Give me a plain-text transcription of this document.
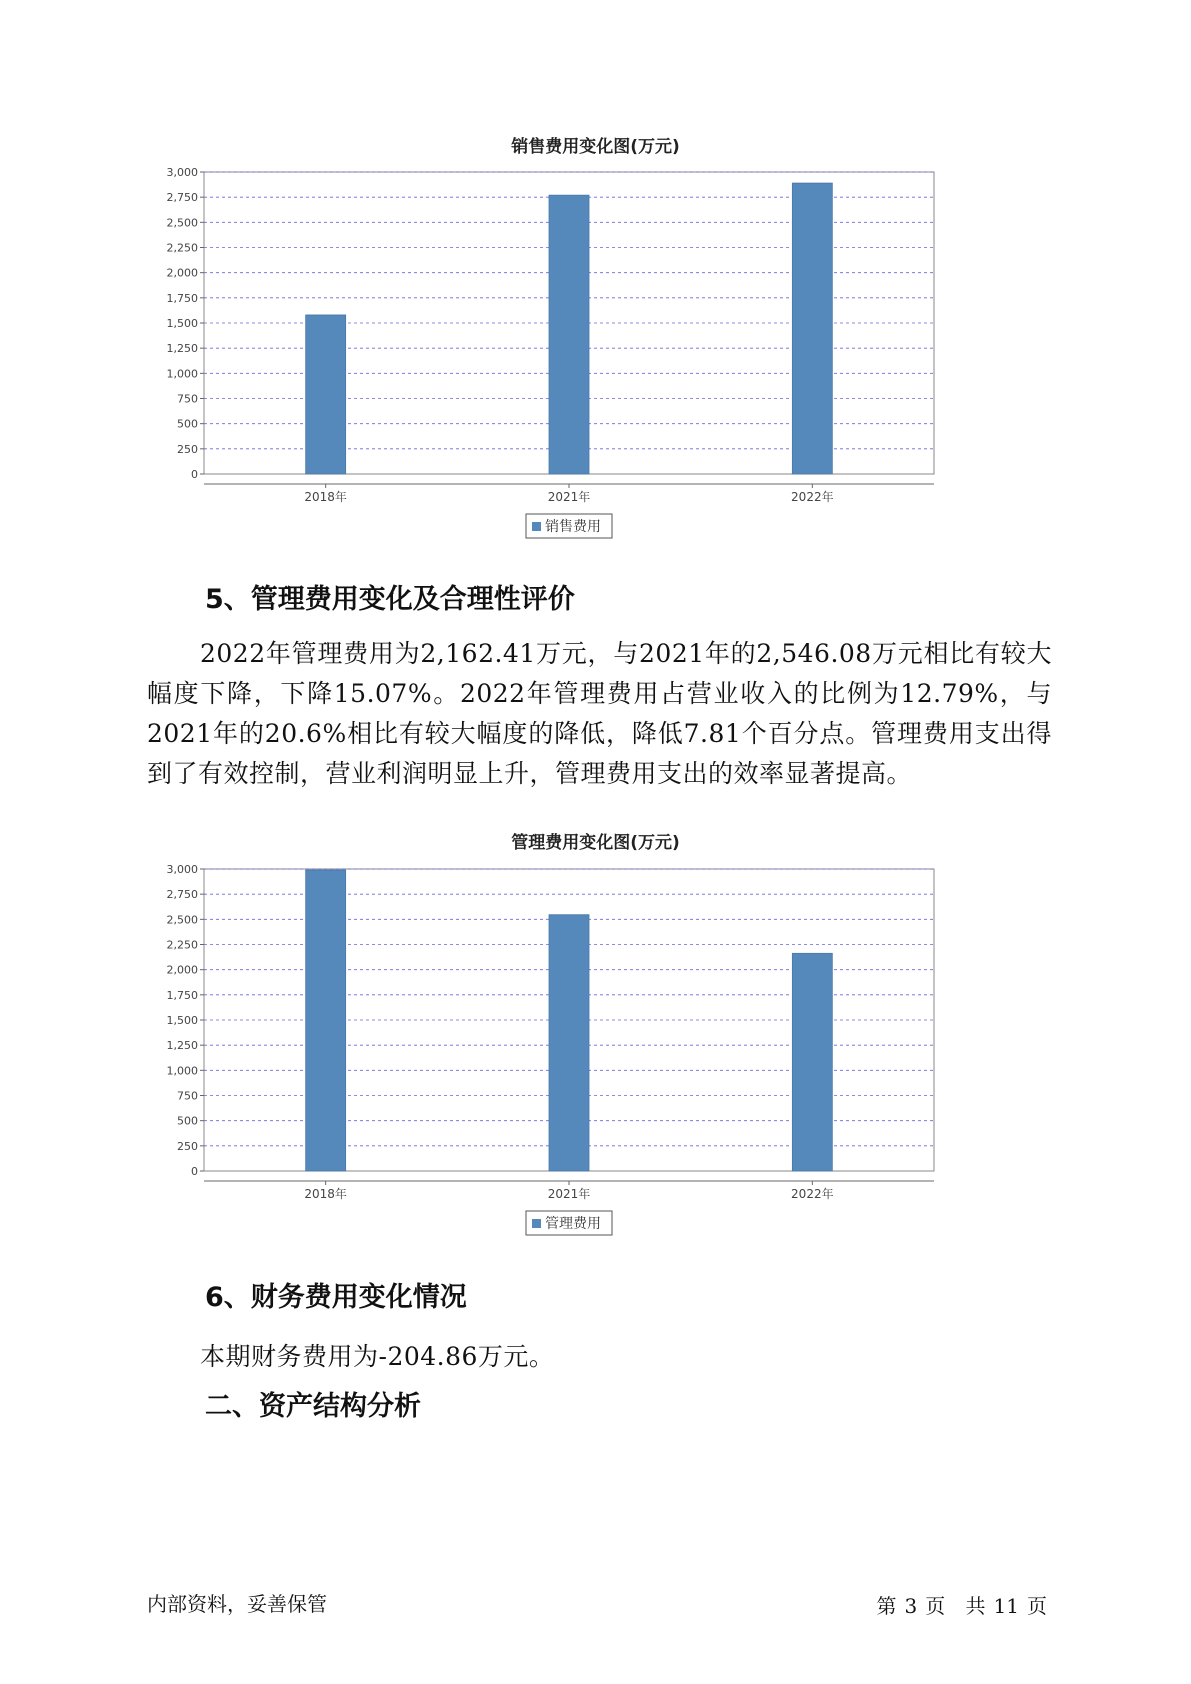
销售费用变化图(万元)
0
250
500
750
1,000
1,250
1,500
1,750
2,000
2,250
2,500
2,750
3,000
2018年	2021年	2022年
销售费用
5、管理费用变化及合理性评价
2022年管理费用为2,162.41万元，与2021年的2,546.08万元相比有较大幅度下降，下降15.07%。2022年管理费用占营业收入的比例为12.79%，与2021年的20.6%相比有较大幅度的降低，降低7.81个百分点。管理费用支出得到了有效控制，营业利润明显上升，管理费用支出的效率显著提高。
管理费用变化图(万元)
0
250
500
750
1,000
1,250
1,500
1,750
2,000
2,250
2,500
2,750
3,000
2018年	2021年	2022年
管理费用
6、财务费用变化情况
本期财务费用为-204.86万元。
二、资产结构分析
内部资料，妥善保管	第 3 页 共 11 页
